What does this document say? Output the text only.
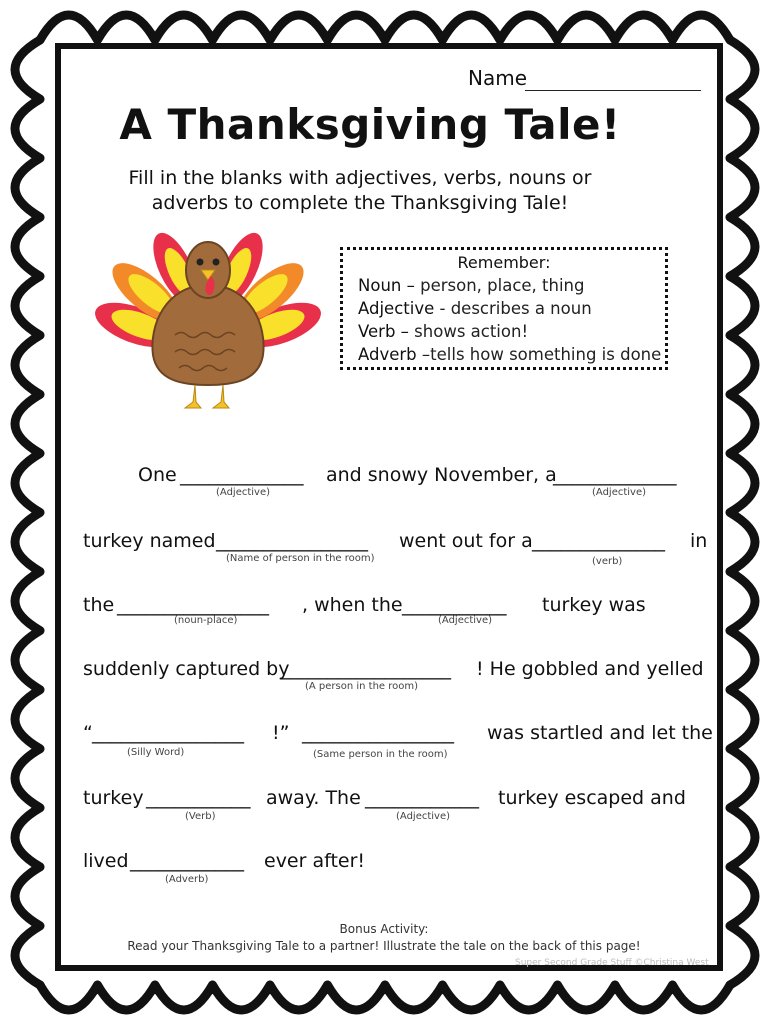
Name
A Thanksgiving Tale!
Fill in the blanks with adjectives, verbs, nouns or
adverbs to complete the Thanksgiving Tale!
Remember:
Noun – person, place, thing
Adjective - describes a noun
Verb – shows action!
Adverb –tells how something is done
One _____________ and snowy November, a
_____________
(Adjective)	(Adjective)
turkey named ________________ went out for a ______________ in
(Name of person in the room)	(verb)
the ________________ , when the ___________ turkey was
(noun-place)	(Adjective)
suddenly captured by
__________________ ! He gobbled and yelled
(A person in the room)
“ ________________ !” ________________ was startled and let the
(Silly Word)	(Same person in the room)
turkey ___________ away. The ____________ turkey escaped and
(Verb)	(Adjective)
lived ____________ ever after!
(Adverb)
Bonus Activity:
Read your Thanksgiving Tale to a partner! Illustrate the tale on the back of this page!
Super Second Grade Stuff ©Christina West
